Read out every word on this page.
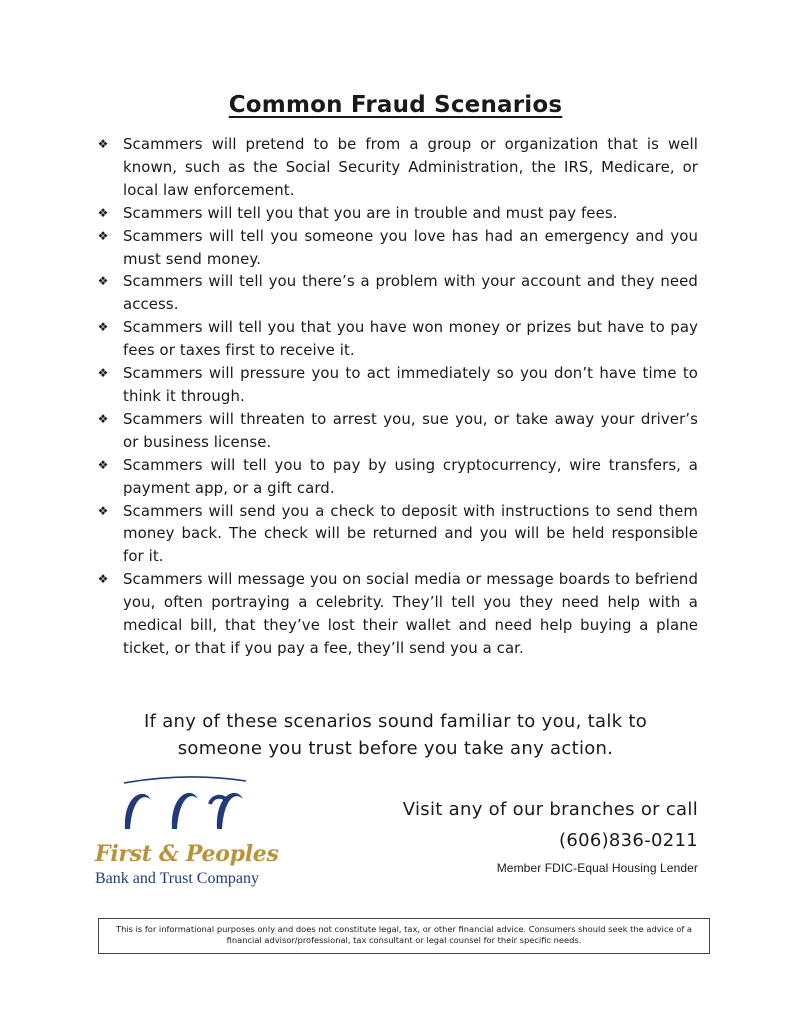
Common Fraud Scenarios
❖ Scammers will pretend to be from a group or organization that is well known, such as the Social Security Administration, the IRS, Medicare, or local law enforcement.
❖ Scammers will tell you that you are in trouble and must pay fees.
❖ Scammers will tell you someone you love has had an emergency and you must send money.
❖ Scammers will tell you there’s a problem with your account and they need access.
❖ Scammers will tell you that you have won money or prizes but have to pay fees or taxes first to receive it.
❖ Scammers will pressure you to act immediately so you don’t have time to think it through.
❖ Scammers will threaten to arrest you, sue you, or take away your driver’s or business license.
❖ Scammers will tell you to pay by using cryptocurrency, wire transfers, a payment app, or a gift card.
❖ Scammers will send you a check to deposit with instructions to send them money back. The check will be returned and you will be held responsible for it.
❖ Scammers will message you on social media or message boards to befriend you, often portraying a celebrity. They’ll tell you they need help with a medical bill, that they’ve lost their wallet and need help buying a plane ticket, or that if you pay a fee, they’ll send you a car.
If any of these scenarios sound familiar to you, talk to
someone you trust before you take any action.
First & Peoples
Bank and Trust Company
Visit any of our branches or call
(606)836-0211
Member FDIC-Equal Housing Lender
This is for informational purposes only and does not constitute legal, tax, or other financial advice. Consumers should seek the advice of a financial advisor/professional, tax consultant or legal counsel for their specific needs.
